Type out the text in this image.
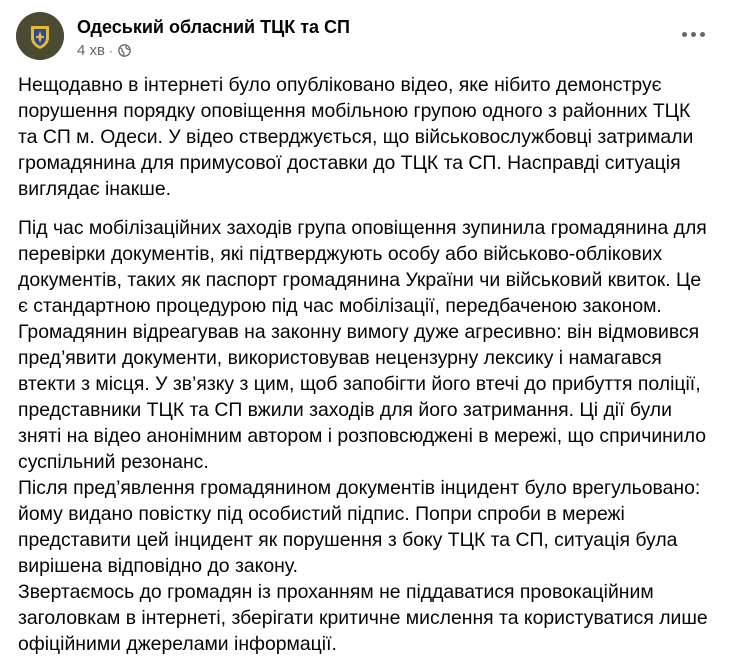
Одеський обласний ТЦК та СП
4 хв ·

Нещодавно в інтернеті було опубліковано відео, яке нібито демонструє порушення порядку оповіщення мобільною групою одного з районних ТЦК та СП м. Одеси. У відео стверджується, що військовослужбовці затримали громадянина для примусової доставки до ТЦК та СП. Насправді ситуація виглядає інакше.

Під час мобілізаційних заходів група оповіщення зупинила громадянина для перевірки документів, які підтверджують особу або військово-облікових документів, таких як паспорт громадянина України чи військовий квиток. Це є стандартною процедурою під час мобілізації, передбаченою законом. Громадянин відреагував на законну вимогу дуже агресивно: він відмовився пред’явити документи, використовував нецензурну лексику і намагався втекти з місця. У зв’язку з цим, щоб запобігти його втечі до прибуття поліції, представники ТЦК та СП вжили заходів для його затримання. Ці дії були зняті на відео анонімним автором і розповсюджені в мережі, що спричинило суспільний резонанс.

Після пред’явлення громадянином документів інцидент було врегульовано: йому видано повістку під особистий підпис. Попри спроби в мережі представити цей інцидент як порушення з боку ТЦК та СП, ситуація була вирішена відповідно до закону.

Звертаємось до громадян із проханням не піддаватися провокаційним заголовкам в інтернеті, зберігати критичне мислення та користуватися лише офіційними джерелами інформації.
